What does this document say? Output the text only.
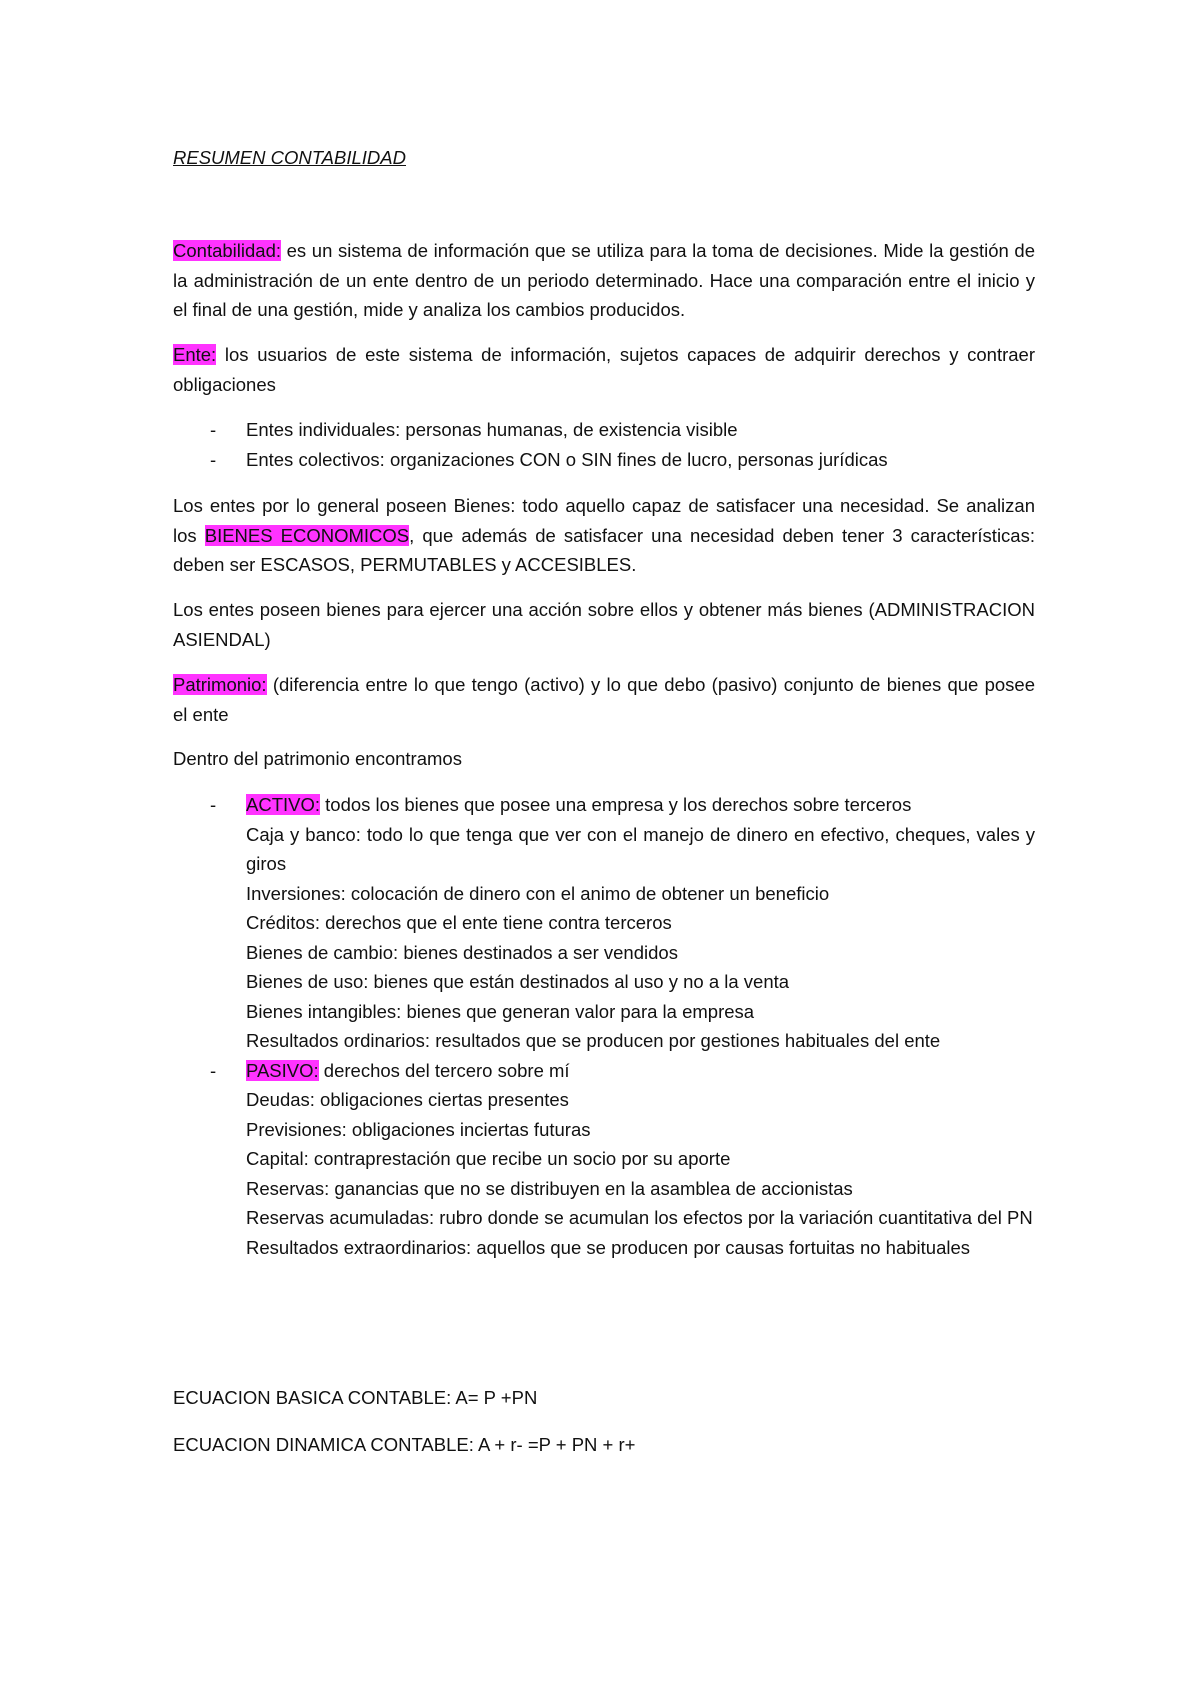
RESUMEN CONTABILIDAD

Contabilidad: es un sistema de información que se utiliza para la toma de decisiones. Mide la gestión de la administración de un ente dentro de un periodo determinado. Hace una comparación entre el inicio y el final de una gestión, mide y analiza los cambios producidos.

Ente: los usuarios de este sistema de información, sujetos capaces de adquirir derechos y contraer obligaciones

- Entes individuales: personas humanas, de existencia visible
- Entes colectivos: organizaciones CON o SIN fines de lucro, personas jurídicas

Los entes por lo general poseen Bienes: todo aquello capaz de satisfacer una necesidad. Se analizan los BIENES ECONOMICOS, que además de satisfacer una necesidad deben tener 3 características: deben ser ESCASOS, PERMUTABLES y ACCESIBLES.

Los entes poseen bienes para ejercer una acción sobre ellos y obtener más bienes (ADMINISTRACION ASIENDAL)

Patrimonio: (diferencia entre lo que tengo (activo) y lo que debo (pasivo) conjunto de bienes que posee el ente

Dentro del patrimonio encontramos

- ACTIVO: todos los bienes que posee una empresa y los derechos sobre terceros
Caja y banco: todo lo que tenga que ver con el manejo de dinero en efectivo, cheques, vales y giros
Inversiones: colocación de dinero con el animo de obtener un beneficio
Créditos: derechos que el ente tiene contra terceros
Bienes de cambio: bienes destinados a ser vendidos
Bienes de uso: bienes que están destinados al uso y no a la venta
Bienes intangibles: bienes que generan valor para la empresa
Resultados ordinarios: resultados que se producen por gestiones habituales del ente
- PASIVO: derechos del tercero sobre mí
Deudas: obligaciones ciertas presentes
Previsiones: obligaciones inciertas futuras
Capital: contraprestación que recibe un socio por su aporte
Reservas: ganancias que no se distribuyen en la asamblea de accionistas
Reservas acumuladas: rubro donde se acumulan los efectos por la variación cuantitativa del PN
Resultados extraordinarios: aquellos que se producen por causas fortuitas no habituales
ECUACION BASICA CONTABLE: A= P +PN
ECUACION DINAMICA CONTABLE: A + r- =P + PN + r+
